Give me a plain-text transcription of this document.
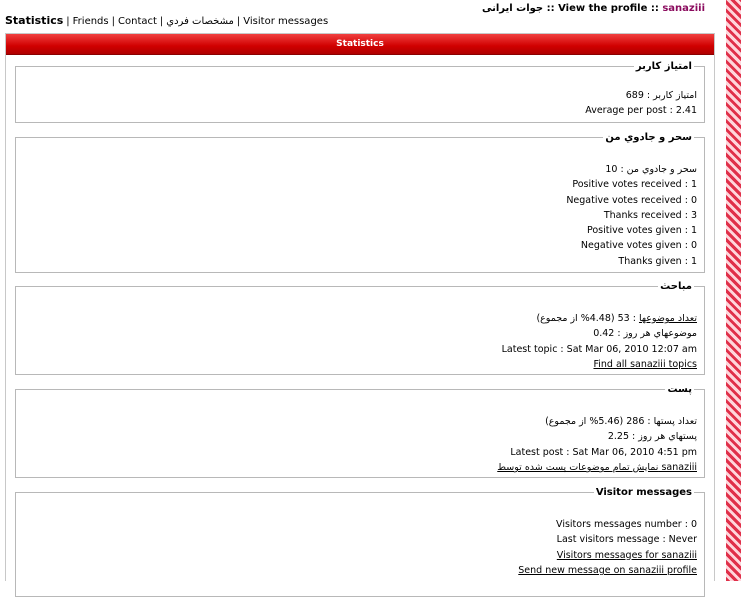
جوات ايرانى :: View the profile :: sanaziii
Statistics | Friends | Contact | مشخصات فردي | Visitor messages
Statistics
امتياز كاربر
امتياز کاربر : 689
Average per post : 2.41
سحر و جادوي من
سحر و جادوي من : 10
Positive votes received : 1
Negative votes received : 0
Thanks received : 3
Positive votes given : 1
Negative votes given : 0
Thanks given : 1
مباحث
تعداد موضوعها : 53 (4.48% از مجموع)
موضوعهاي هر روز : 0.42
Latest topic : Sat Mar 06, 2010 12:07 am
Find all sanaziii topics
پست
تعداد پستها : 286 (5.46% از مجموع)
پستهاي هر روز : 2.25
Latest post : Sat Mar 06, 2010 4:51 pm
نمايش تمام موضوعات پست شده توسط sanaziii
Visitor messages
Visitors messages number : 0
Last visitors message : Never
Visitors messages for sanaziii
Send new message on sanaziii profile
